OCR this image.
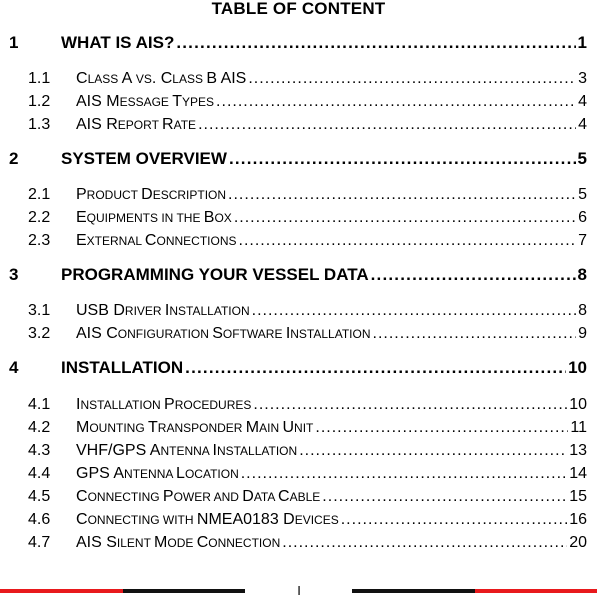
TABLE OF CONTENT
1	WHAT IS AIS? .....	1
1.1	CLASS A VS. CLASS B AIS .....	3
1.2	AIS MESSAGE TYPES .....	4
1.3	AIS REPORT RATE .....	4
2	SYSTEM OVERVIEW .....	5
2.1	PRODUCT DESCRIPTION .....	5
2.2	EQUIPMENTS IN THE BOX .....	6
2.3	EXTERNAL CONNECTIONS .....	7
3	PROGRAMMING YOUR VESSEL DATA .....	8
3.1	USB DRIVER INSTALLATION .....	8
3.2	AIS CONFIGURATION SOFTWARE INSTALLATION .....	9
4	INSTALLATION .....	10
4.1	INSTALLATION PROCEDURES .....	10
4.2	MOUNTING TRANSPONDER MAIN UNIT .....	11
4.3	VHF/GPS ANTENNA INSTALLATION .....	13
4.4	GPS ANTENNA LOCATION .....	14
4.5	CONNECTING POWER AND DATA CABLE .....	15
4.6	CONNECTING WITH NMEA0183 DEVICES .....	16
4.7	AIS SILENT MODE CONNECTION .....	20
I
